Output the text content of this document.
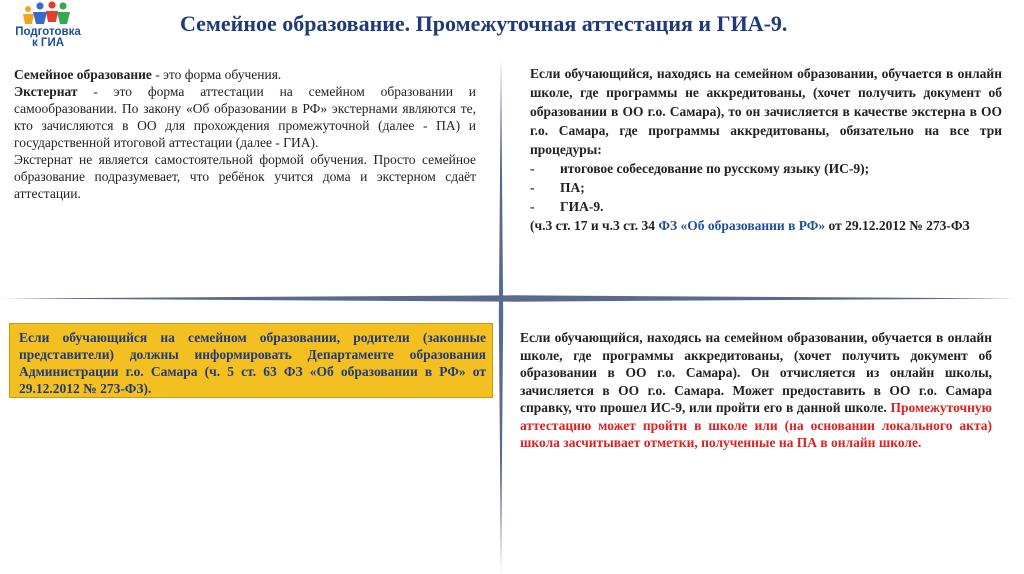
Подготовка
к ГИА
Семейное образование. Промежуточная аттестация и ГИА-9.

Семейное образование - это форма обучения.

Экстернат - это форма аттестации на семейном образовании и самообразовании. По закону «Об образовании в РФ» экстернами являются те, кто зачисляются в ОО для прохождения промежуточной (далее - ПА) и государственной итоговой аттестации (далее - ГИА).

Экстернат не является самостоятельной формой обучения. Просто семейное образование подразумевает, что ребёнок учится дома и экстерном сдаёт аттестации.

Если обучающийся, находясь на семейном образовании, обучается в онлайн школе, где программы не аккредитованы, (хочет получить документ об образовании в ОО г.о. Самара), то он зачисляется в качестве экстерна в ОО г.о. Самара, где программы аккредитованы, обязательно на все три процедуры:

- итоговое собеседование по русскому языку (ИС-9);

- ПА;

- ГИА-9.

(ч.3 ст. 17 и ч.3 ст. 34 ФЗ «Об образовании в РФ» от 29.12.2012 № 273-ФЗ

Если обучающийся на семейном образовании, родители (законные представители) должны информировать Департаменте образования Администрации г.о. Самара (ч. 5 ст. 63 ФЗ «Об образовании в РФ» от 29.12.2012 № 273-ФЗ).
Если обучающийся, находясь на семейном образовании, обучается в онлайн школе, где программы аккредитованы, (хочет получить документ об образовании в ОО г.о. Самара). Он отчисляется из онлайн школы, зачисляется в ОО г.о. Самара. Может предоставить в ОО г.о. Самара справку, что прошел ИС-9, или пройти его в данной школе. Промежуточную аттестацию может пройти в школе или (на основании локального акта) школа засчитывает отметки, полученные на ПА в онлайн школе.
